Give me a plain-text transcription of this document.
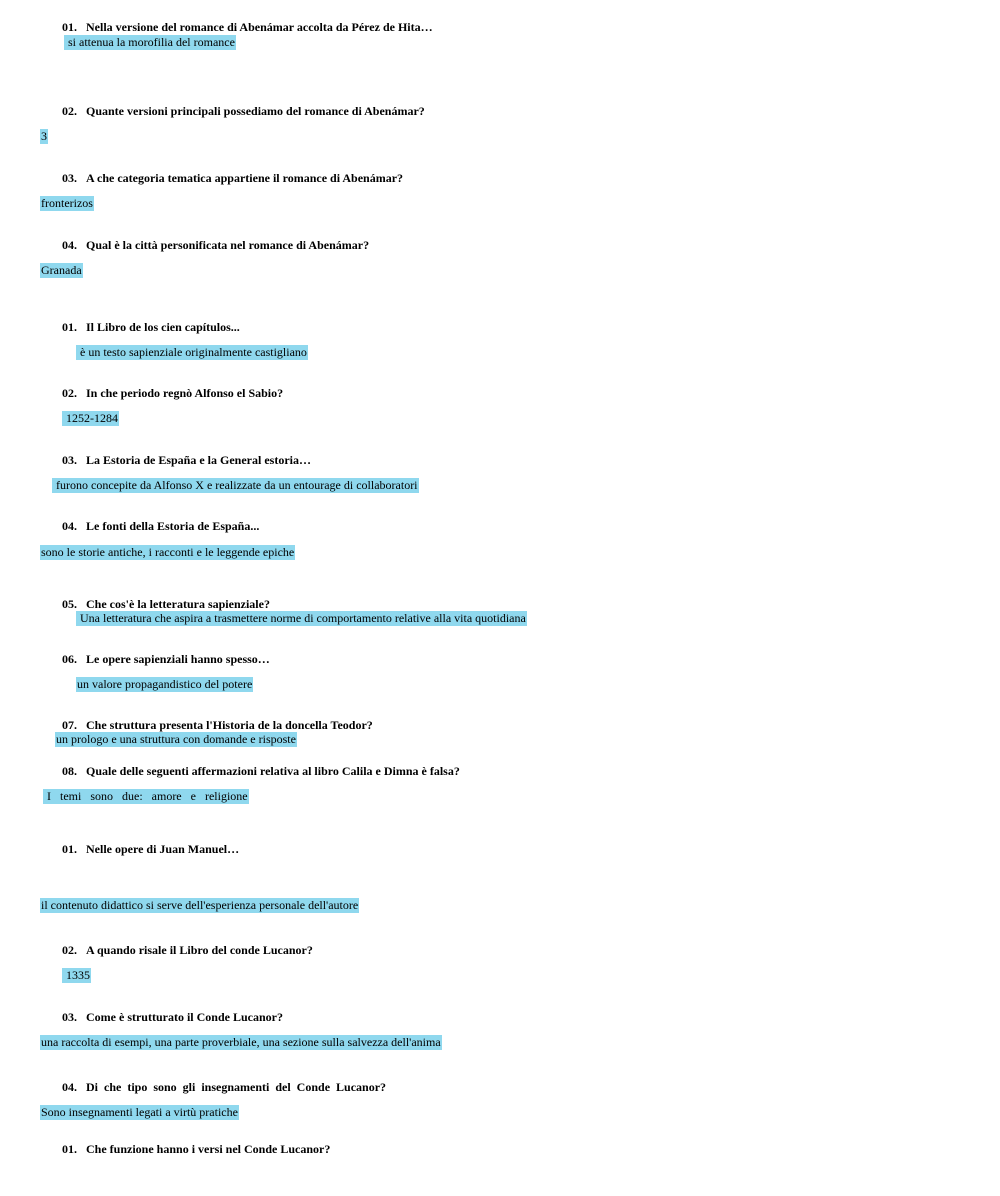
01. Nella versione del romance di Abenámar accolta da Pérez de Hita…
si attenua la morofilia del romance
02. Quante versioni principali possediamo del romance di Abenámar?
3
03. A che categoria tematica appartiene il romance di Abenámar?
fronterizos
04. Qual è la città personificata nel romance di Abenámar?
Granada
01. Il Libro de los cien capítulos...
è un testo sapienziale originalmente castigliano
02. In che periodo regnò Alfonso el Sabio?
1252-1284
03. La Estoria de España e la General estoria…
furono concepite da Alfonso X e realizzate da un entourage di collaboratori
04. Le fonti della Estoria de España...
sono le storie antiche, i racconti e le leggende epiche
05. Che cos'è la letteratura sapienziale?
Una letteratura che aspira a trasmettere norme di comportamento relative alla vita quotidiana
06. Le opere sapienziali hanno spesso…
un valore propagandistico del potere
07. Che struttura presenta l'Historia de la doncella Teodor?
un prologo e una struttura con domande e risposte
08. Quale delle seguenti affermazioni relativa al libro Calila e Dimna è falsa?
I   temi   sono   due:   amore   e   religione
01. Nelle opere di Juan Manuel…
il contenuto didattico si serve dell'esperienza personale dell'autore
02. A quando risale il Libro del conde Lucanor?
1335
03. Come è strutturato il Conde Lucanor?
una raccolta di esempi, una parte proverbiale, una sezione sulla salvezza dell'anima
04. Di che tipo sono gli insegnamenti del Conde Lucanor?
Sono insegnamenti legati a virtù pratiche
01. Che funzione hanno i versi nel Conde Lucanor?
